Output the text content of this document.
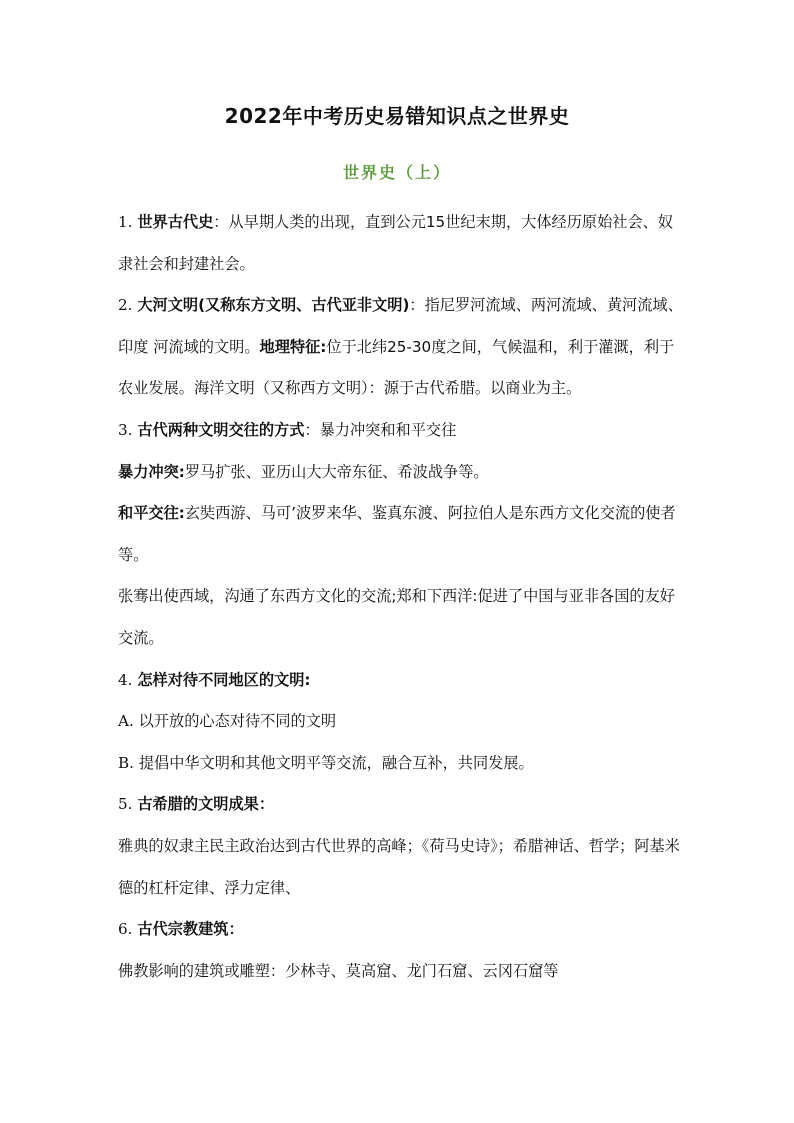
2022年中考历史易错知识点之世界史
世界史（上）

1. 世界古代史：从早期人类的出现，直到公元15世纪末期，大体经历原始社会、奴隶社会和封建社会。

2. 大河文明(又称东方文明、古代亚非文明)：指尼罗河流域、两河流域、黄河流域、印度 河流域的文明。地理特征:位于北纬25-30度之间，气候温和，利于灌溉，利于农业发展。海洋文明（又称西方文明）：源于古代希腊。以商业为主。

3. 古代两种文明交往的方式：暴力冲突和和平交往

暴力冲突:罗马扩张、亚历山大大帝东征、希波战争等。

和平交往:玄奘西游、马可’波罗来华、鉴真东渡、阿拉伯人是东西方文化交流的使者等。

张骞出使西域，沟通了东西方文化的交流;郑和下西洋:促进了中国与亚非各国的友好交流。

4. 怎样对待不同地区的文明:

A. 以开放的心态对待不同的文明

B. 提倡中华文明和其他文明平等交流，融合互补，共同发展。

5. 古希腊的文明成果：

雅典的奴隶主民主政治达到古代世界的高峰；《荷马史诗》；希腊神话、哲学；阿基米德的杠杆定律、浮力定律、

6. 古代宗教建筑：

佛教影响的建筑或雕塑：少林寺、莫高窟、龙门石窟、云冈石窟等
